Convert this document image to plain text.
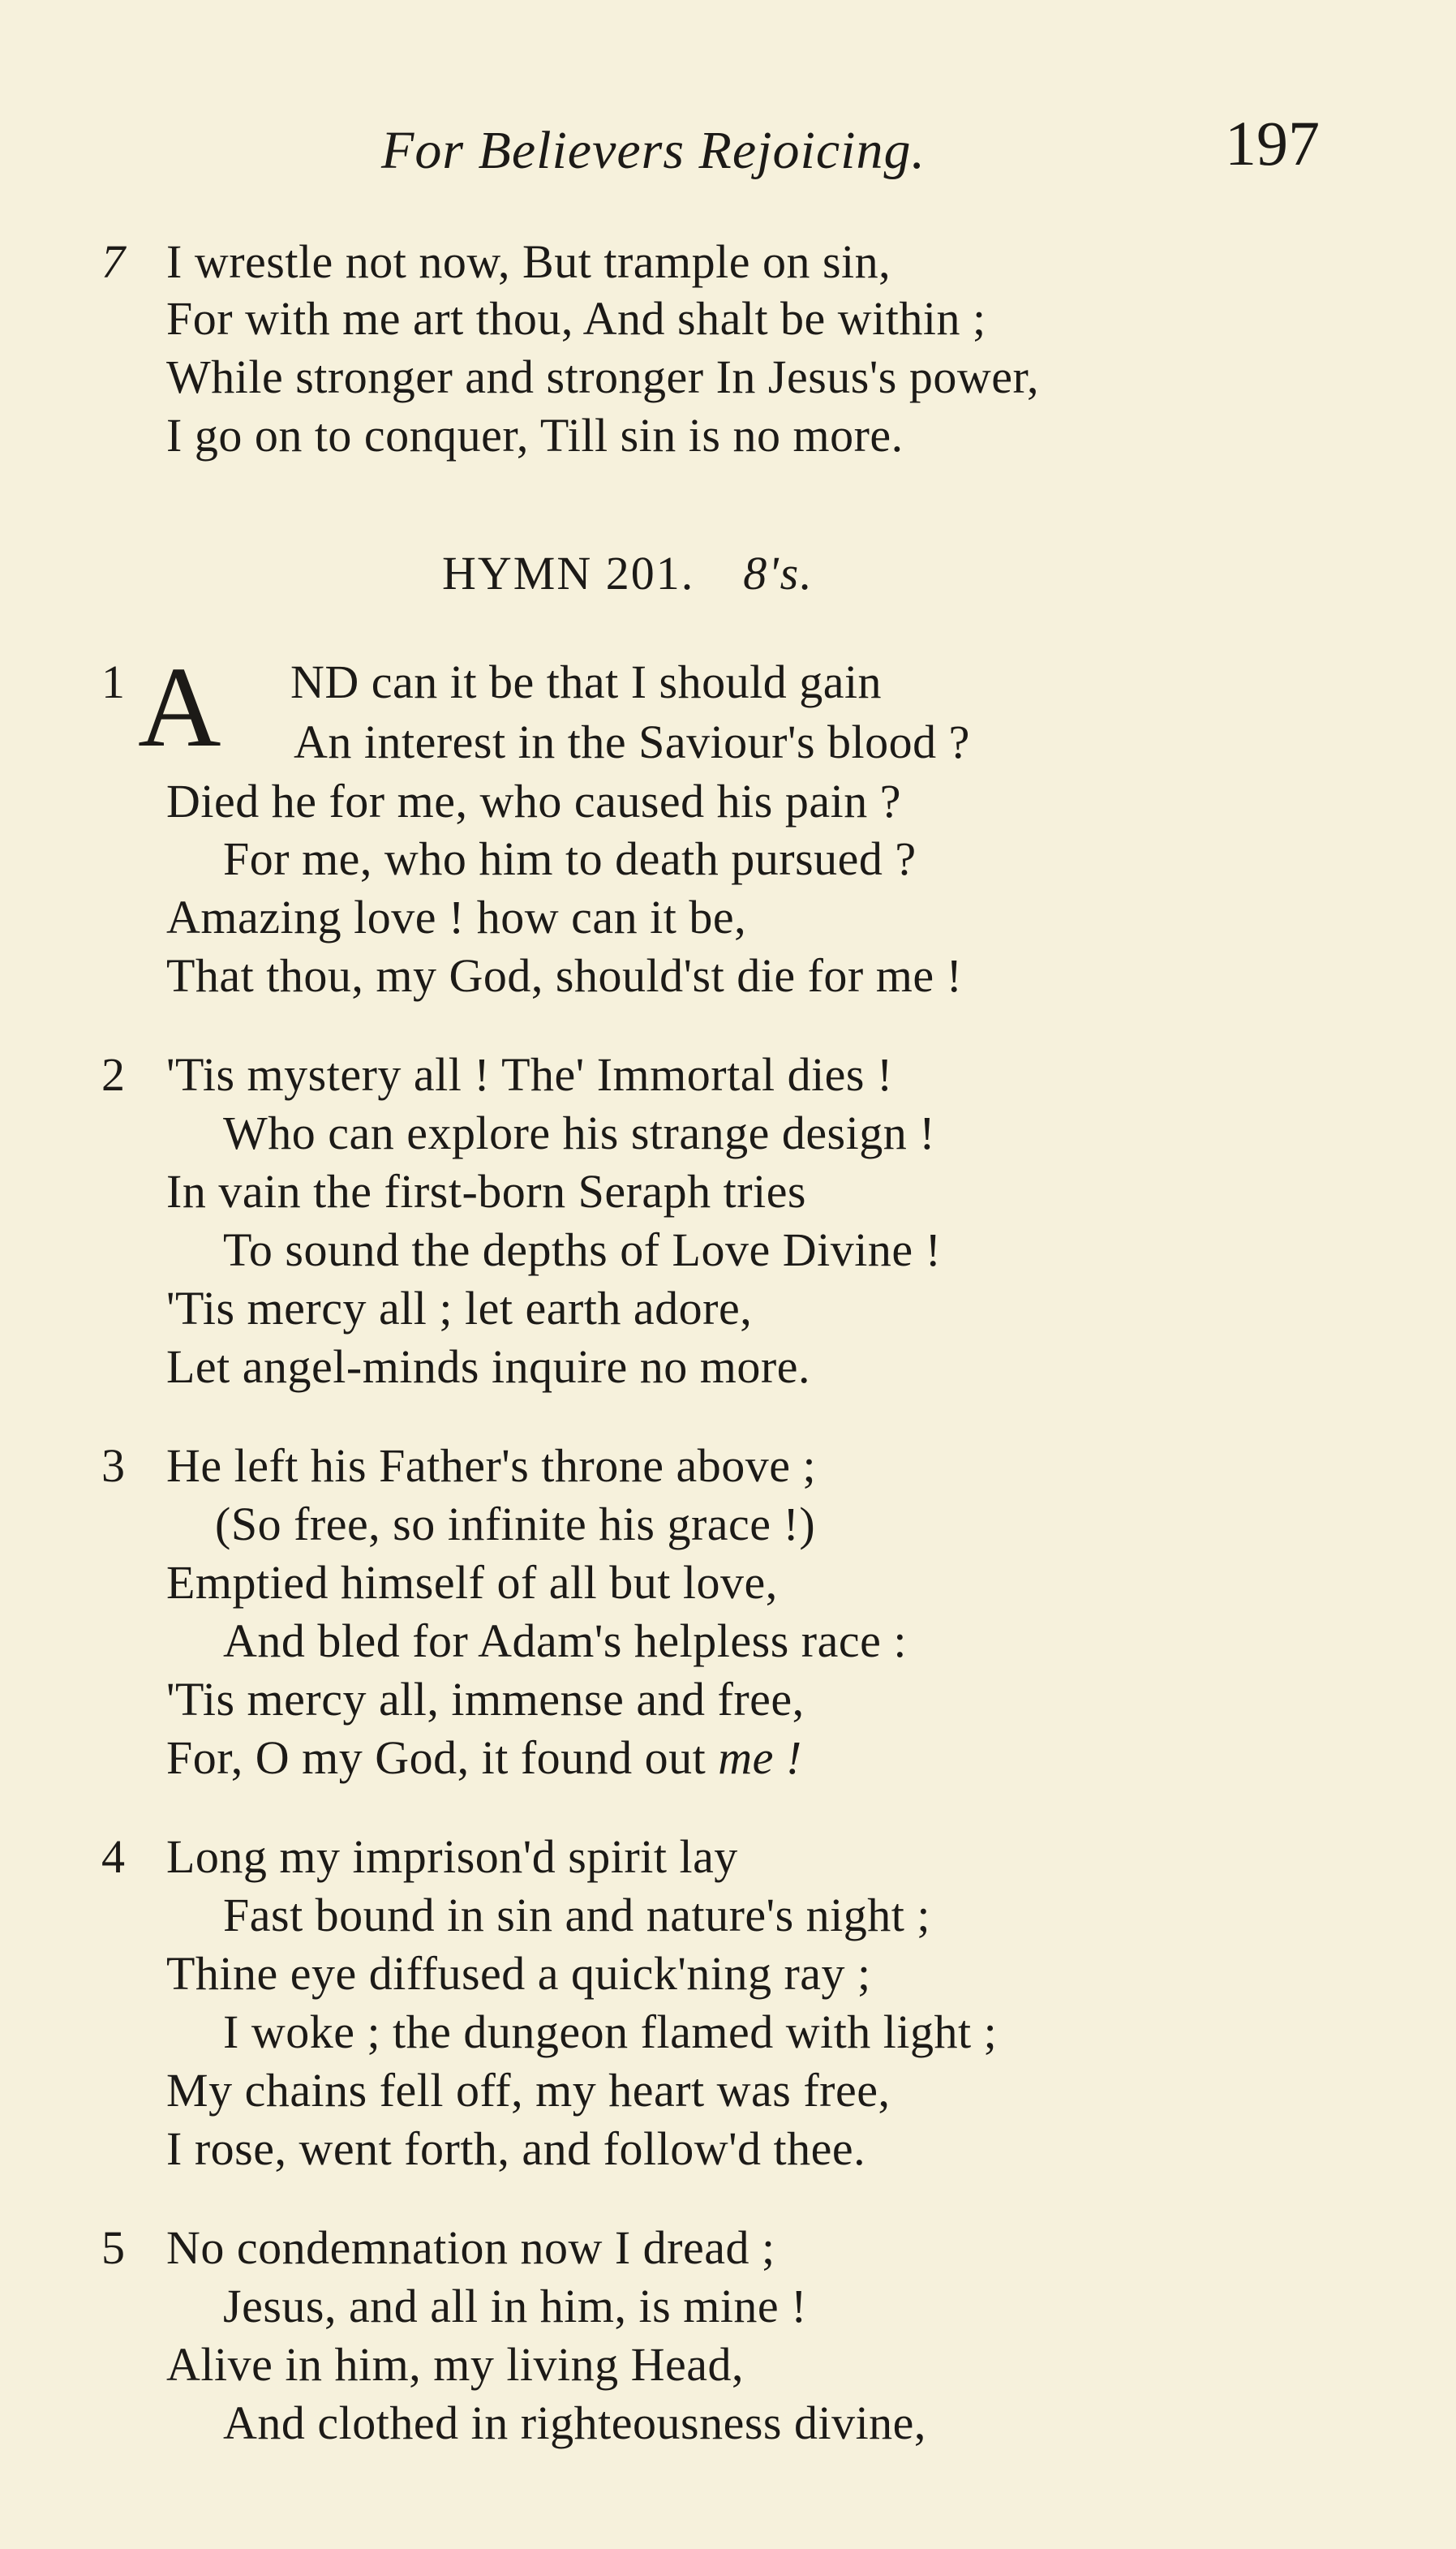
For Believers Rejoicing.	197
7 I wrestle not now, But trample on sin,
For with me art thou, And shalt be within ;
While stronger and stronger In Jesus's power,
I go on to conquer, Till sin is no more.
HYMN 201. 8's.
1 A ND can it be that I should gain
An interest in the Saviour's blood ?
Died he for me, who caused his pain ?
For me, who him to death pursued ?
Amazing love ! how can it be,
That thou, my God, should'st die for me !
2 'Tis mystery all ! The' Immortal dies !
Who can explore his strange design !
In vain the first-born Seraph tries
To sound the depths of Love Divine !
'Tis mercy all ; let earth adore,
Let angel-minds inquire no more.
3 He left his Father's throne above ;
(So free, so infinite his grace !)
Emptied himself of all but love,
And bled for Adam's helpless race :
'Tis mercy all, immense and free,
For, O my God, it found out me !
4 Long my imprison'd spirit lay
Fast bound in sin and nature's night ;
Thine eye diffused a quick'ning ray ;
I woke ; the dungeon flamed with light ;
My chains fell off, my heart was free,
I rose, went forth, and follow'd thee.
5 No condemnation now I dread ;
Jesus, and all in him, is mine !
Alive in him, my living Head,
And clothed in righteousness divine,
